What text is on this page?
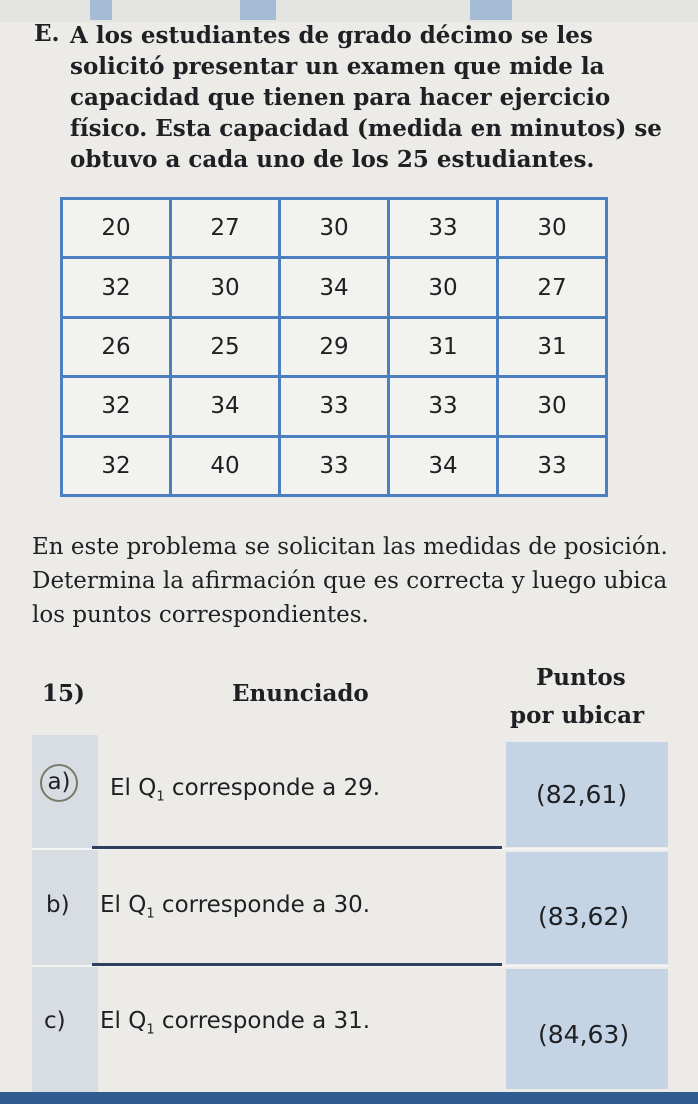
E. A los estudiantes de grado décimo se les solicitó presentar un examen que mide la capacidad que tienen para hacer ejercicio físico. Esta capacidad (medida en minutos) se obtuvo a cada uno de los 25 estudiantes.
20	27	30	33	30
32	30	34	30	27
26	25	29	31	31
32	34	33	33	30
32	40	33	34	33
En este problema se solicitan las medidas de posición. Determina la afirmación que es correcta y luego ubica los puntos correspondientes.
15)	Enunciado
Puntos
por ubicar
a)	El $Q_1$ corresponde a 29.	(82,61)
b) El $Q_1$ corresponde a 30.	(83,62)
c) El $Q_1$ corresponde a 31.	(84,63)
